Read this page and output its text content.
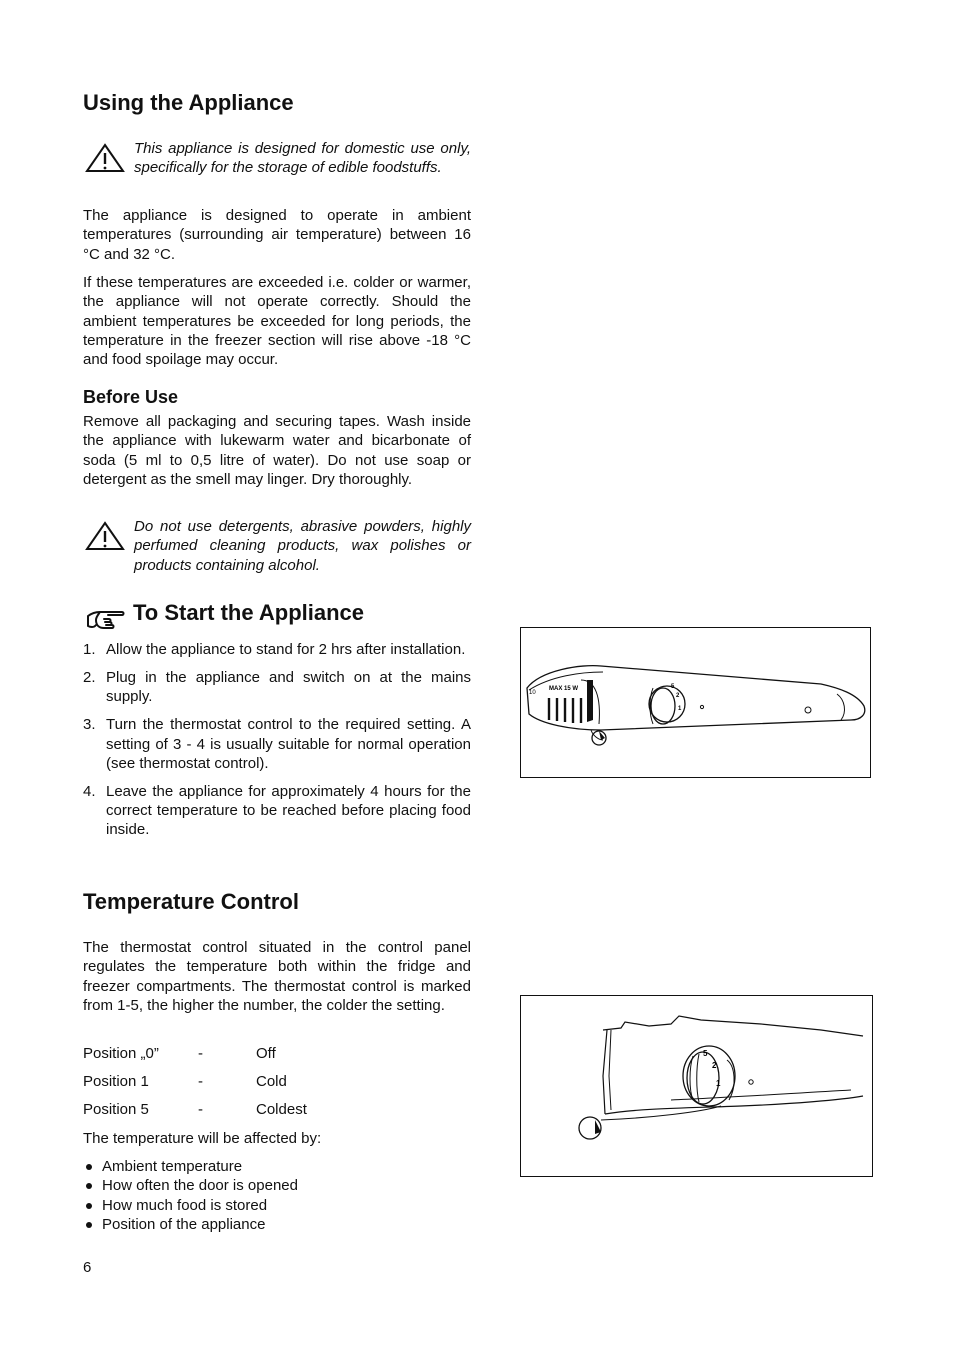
Using the Appliance

This appliance is designed for domestic use only, specifically for the storage of edible foodstuffs.

The appliance is designed to operate in ambient temperatures (surrounding air temperature) between 16 °C and 32 °C.

If these temperatures are exceeded i.e. colder or warmer, the appliance will not operate correctly. Should the ambient temperatures be exceeded for long periods, the temperature in the freezer section will rise above -18 °C and food spoilage may occur.

Before Use

Remove all packaging and securing tapes. Wash inside the appliance with lukewarm water and bicarbonate of soda (5 ml to 0,5 litre of water). Do not use soap or detergent as the smell may linger. Dry thoroughly.

Do not use detergents, abrasive powders, highly perfumed cleaning products, wax polishes or products containing alcohol.

To Start the Appliance
1. Allow the appliance to stand for 2 hrs after installation.
2. Plug in the appliance and switch on at the mains supply.
3. Turn the thermostat control to the required setting. A setting of 3 - 4 is usually suitable for normal operation (see thermostat control).
4. Leave the appliance for approximately 4 hours for the correct temperature to be reached before placing food inside.
Temperature Control

The thermostat control situated in the control panel regulates the temperature both within the fridge and freezer compartments. The thermostat control is marked from 1-5, the higher the number, the colder the setting.

Position „0”	-	Off
Position 1	-	Cold
Position 5	-	Coldest

The temperature will be affected by:

Ambient temperature
How often the door is opened
How much food is stored
Position of the appliance
6
10
MAX 15 W	5
2
1
5
2
1
